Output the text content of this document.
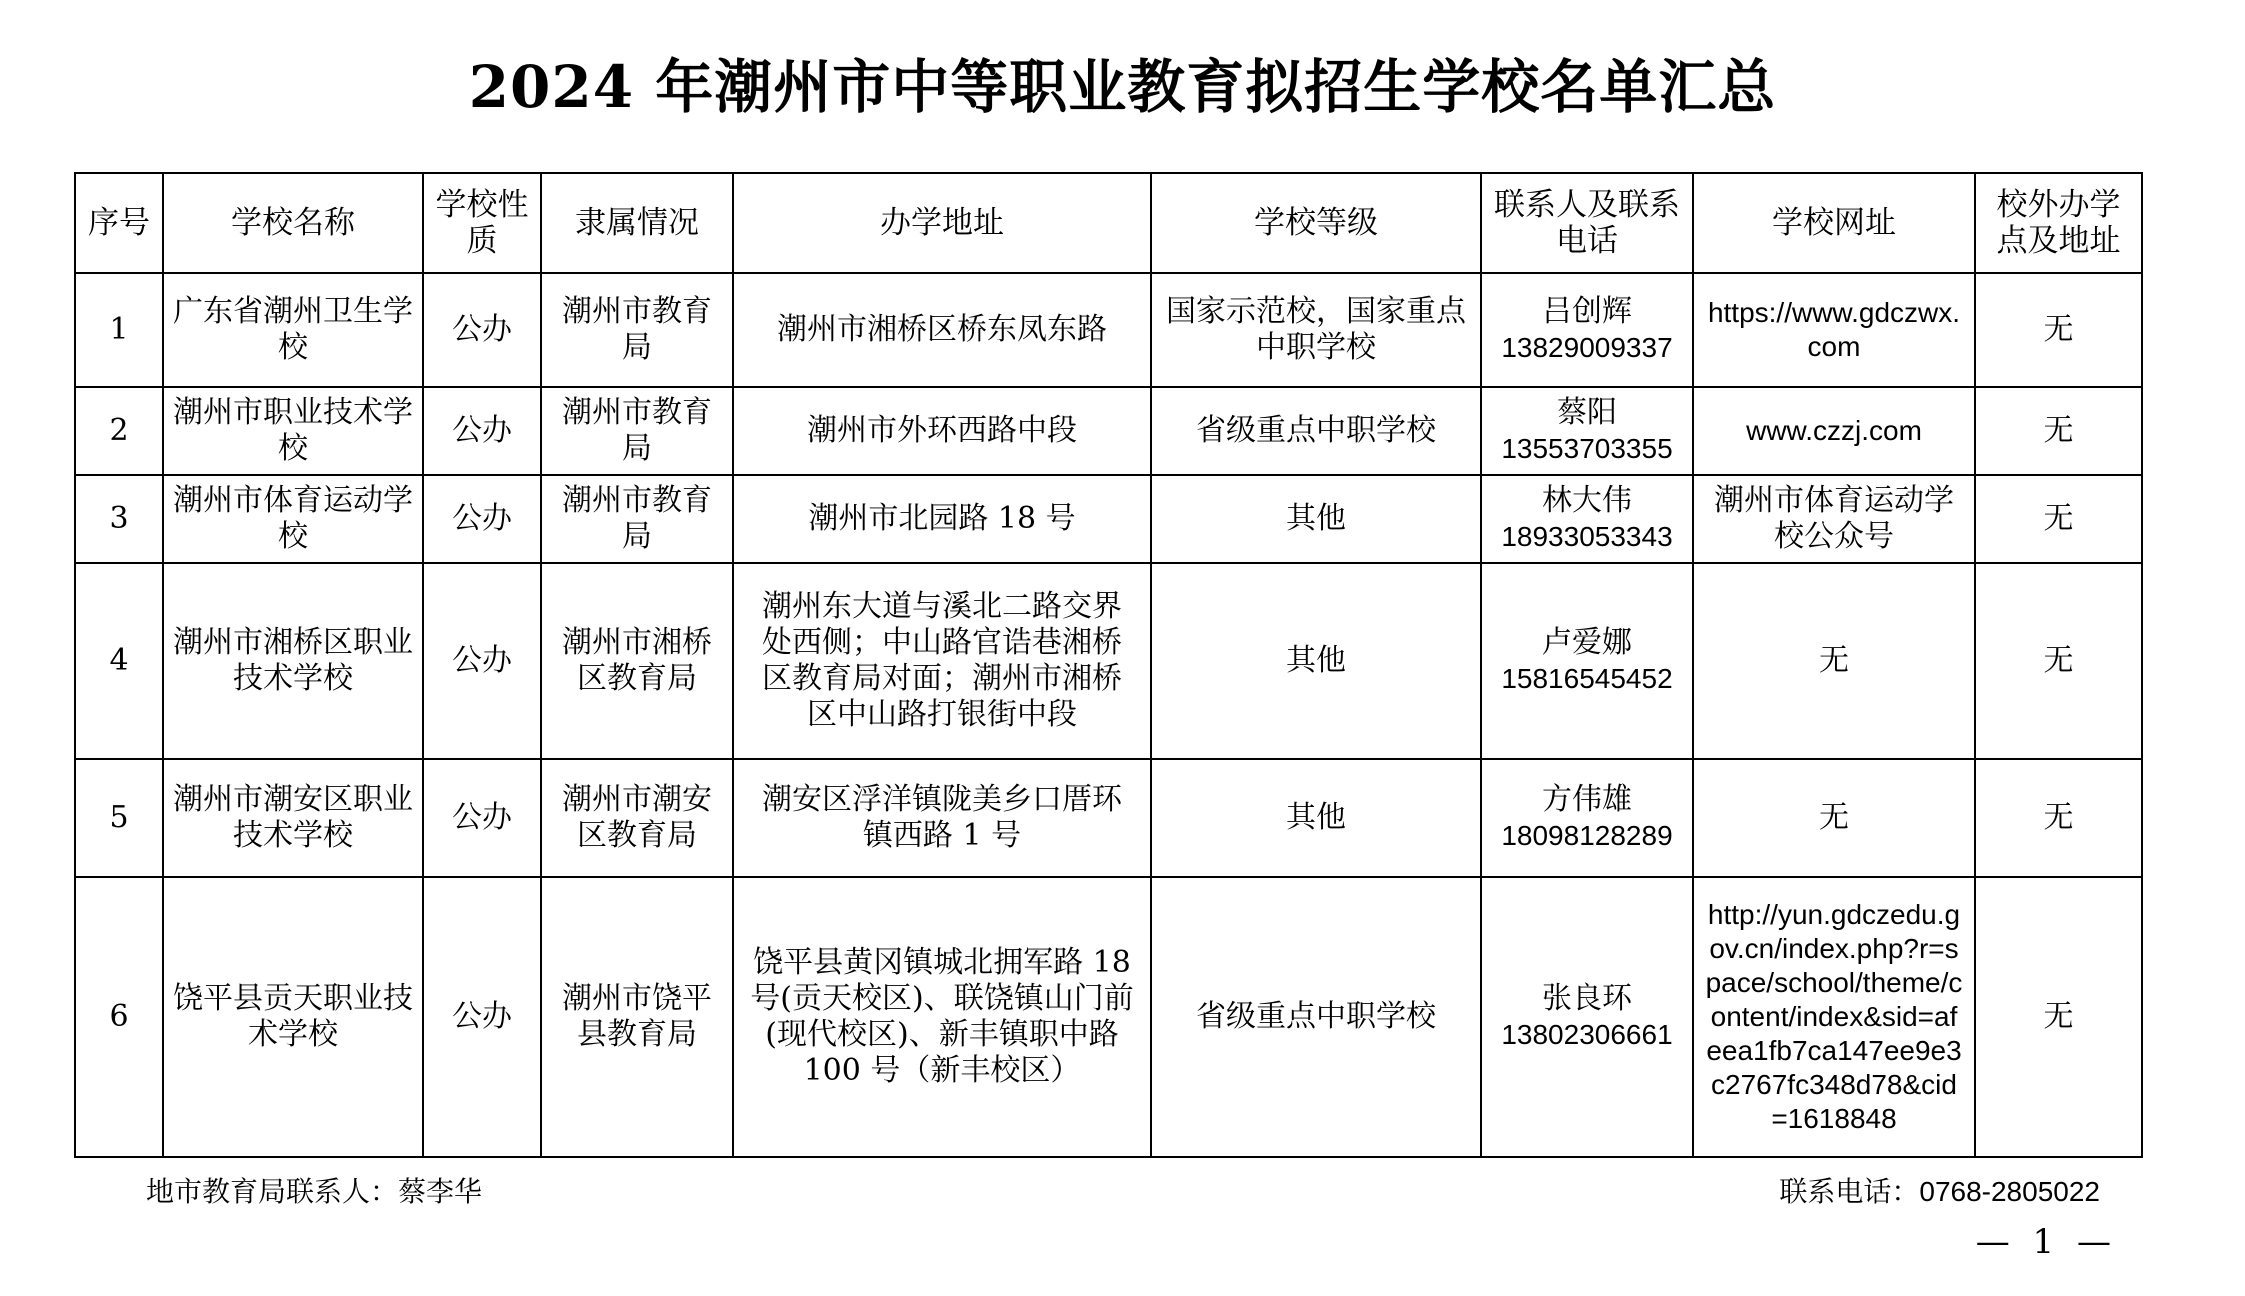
2024 年潮州市中等职业教育拟招生学校名单汇总
序号	学校名称	学校性质	隶属情况	办学地址	学校等级	联系人及联系电话	学校网址	校外办学点及地址
1	广东省潮州卫生学校	公办	潮州市教育局	潮州市湘桥区桥东凤东路	国家示范校，国家重点中职学校	吕创辉
13829009337	https://www.gdczwx.com	无
2	潮州市职业技术学校	公办	潮州市教育局	潮州市外环西路中段	省级重点中职学校	蔡阳
13553703355	www.czzj.com	无
3	潮州市体育运动学校	公办	潮州市教育局	潮州市北园路 18 号	其他	林大伟
18933053343	潮州市体育运动学校公众号	无
4	潮州市湘桥区职业技术学校	公办	潮州市湘桥区教育局	潮州东大道与溪北二路交界处西侧；中山路官诰巷湘桥区教育局对面；潮州市湘桥区中山路打银街中段	其他	卢爱娜
15816545452	无	无
5	潮州市潮安区职业技术学校	公办	潮州市潮安区教育局	潮安区浮洋镇陇美乡口厝环镇西路 1 号	其他	方伟雄
18098128289	无	无
6	饶平县贡天职业技术学校	公办	潮州市饶平县教育局	饶平县黄冈镇城北拥军路 18 号(贡天校区)、联饶镇山门前(现代校区)、新丰镇职中路 100 号（新丰校区）	省级重点中职学校	张良环
13802306661	http://yun.gdczedu.gov.cn/index.php?r=space/school/theme/content/index&sid=afeea1fb7ca147ee9e3c2767fc348d78&cid=1618848	无
地市教育局联系人：蔡李华	联系电话：0768-2805022
— 1 —
